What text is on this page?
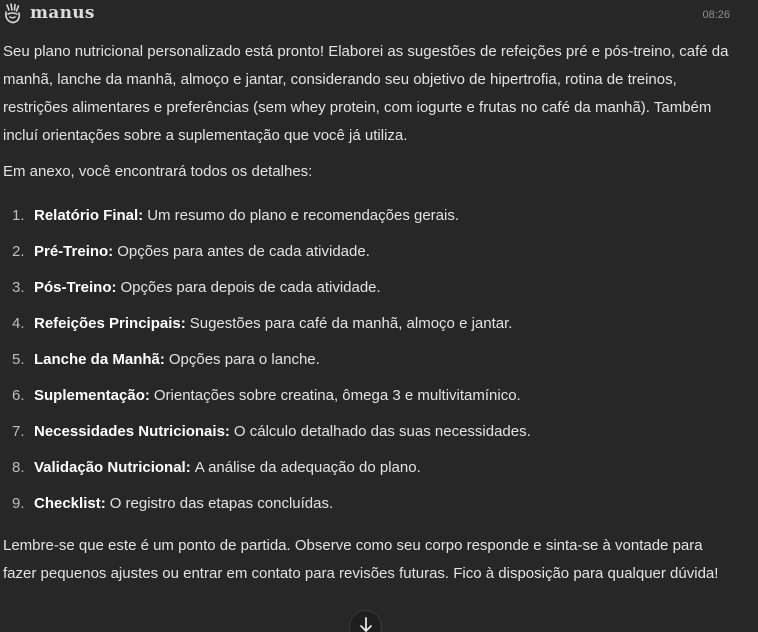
manus	08:26

Seu plano nutricional personalizado está pronto! Elaborei as sugestões de refeições pré e pós-treino, café da manhã, lanche da manhã, almoço e jantar, considerando seu objetivo de hipertrofia, rotina de treinos, restrições alimentares e preferências (sem whey protein, com iogurte e frutas no café da manhã). Também incluí orientações sobre a suplementação que você já utiliza.

Em anexo, você encontrará todos os detalhes:

1. Relatório Final: Um resumo do plano e recomendações gerais.
2. Pré-Treino: Opções para antes de cada atividade.
3. Pós-Treino: Opções para depois de cada atividade.
4. Refeições Principais: Sugestões para café da manhã, almoço e jantar.
5. Lanche da Manhã: Opções para o lanche.
6. Suplementação: Orientações sobre creatina, ômega 3 e multivitamínico.
7. Necessidades Nutricionais: O cálculo detalhado das suas necessidades.
8. Validação Nutricional: A análise da adequação do plano.
9. Checklist: O registro das etapas concluídas.

Lembre-se que este é um ponto de partida. Observe como seu corpo responde e sinta-se à vontade para fazer pequenos ajustes ou entrar em contato para revisões futuras. Fico à disposição para qualquer dúvida!
